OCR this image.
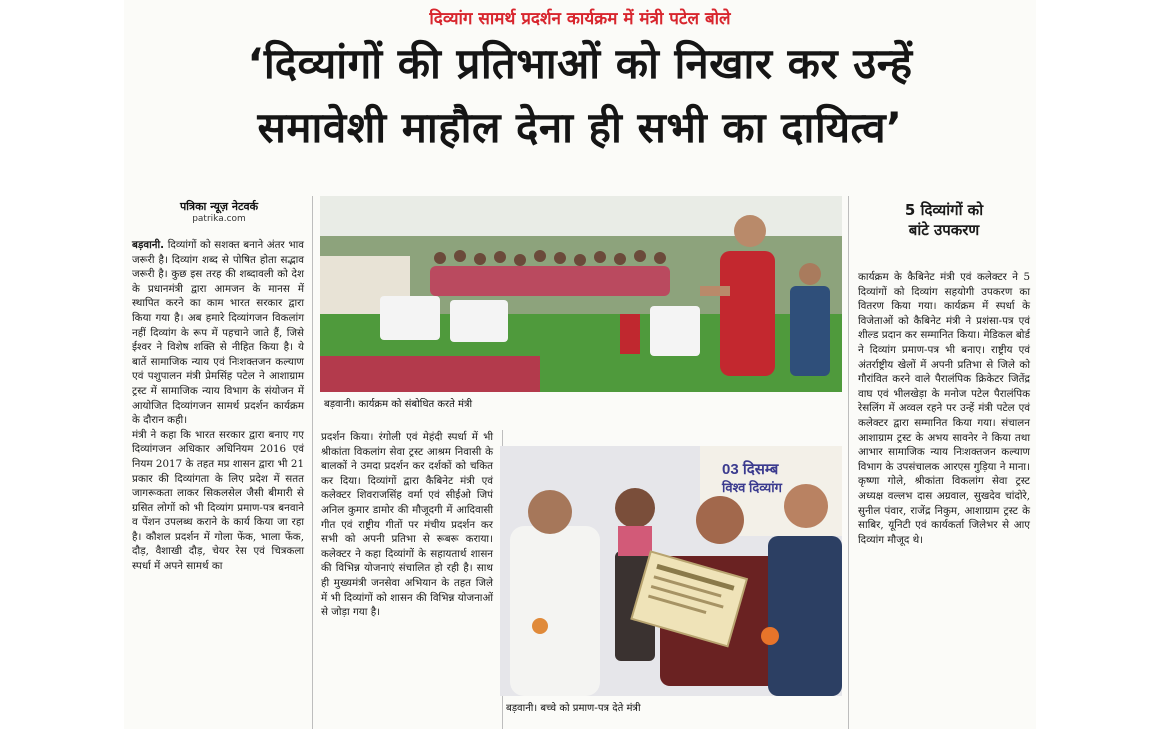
दिव्यांग सामर्थ प्रदर्शन कार्यक्रम में मंत्री पटेल बोले
‘दिव्यांगों की प्रतिभाओं को निखार कर उन्हें
समावेशी माहौल देना ही सभी का दायित्व’
पत्रिका न्यूज़ नेटवर्क
patrika.com

बड़वानी. दिव्यांगों को सशक्त बनाने अंतर भाव जरूरी है। दिव्यांग शब्द से पोषित होता सद्भाव जरूरी है। कुछ इस तरह की शब्दावली को देश के प्रधानमंत्री द्वारा आमजन के मानस में स्थापित करने का काम भारत सरकार द्वारा किया गया है। अब हमारे दिव्यांगजन विकलांग नहीं दिव्यांग के रूप में पहचाने जाते हैं, जिसे ईश्वर ने विशेष शक्ति से नीहित किया है। ये बातें सामाजिक न्याय एवं निःशक्तजन कल्याण एवं पशुपालन मंत्री प्रेमसिंह पटेल ने आशाग्राम ट्रस्ट में सामाजिक न्याय विभाग के संयोजन में आयोजित दिव्यांगजन सामर्थ प्रदर्शन कार्यक्रम के दौरान कही।

मंत्री ने कहा कि भारत सरकार द्वारा बनाए गए दिव्यांगजन अधिकार अधिनियम 2016 एवं नियम 2017 के तहत मप्र शासन द्वारा भी 21 प्रकार की दिव्यांगता के लिए प्रदेश में सतत जागरूकता लाकर सिकलसेल जैसी बीमारी से ग्रसित लोगों को भी दिव्यांग प्रमाण-पत्र बनवाने व पेंशन उपलब्ध कराने के कार्य किया जा रहा है। कौशल प्रदर्शन में गोला फेंक, भाला फेंक, दौड़, वैशाखी दौड़, चेयर रेस एवं चित्रकला स्पर्धा में अपने सामर्थ का

बड़वानी। कार्यक्रम को संबोधित करते मंत्री

प्रदर्शन किया। रंगोली एवं मेहंदी स्पर्धा में भी श्रीकांता विकलांग सेवा ट्रस्ट आश्रम निवासी के बालकों ने उमदा प्रदर्शन कर दर्शकों को चकित कर दिया। दिव्यांगों द्वारा कैबिनेट मंत्री एवं कलेक्टर शिवराजसिंह वर्मा एवं सीईओ जिपं अनिल कुमार डामोर की मौजूदगी में आदिवासी गीत एवं राष्ट्रीय गीतों पर मंचीय प्रदर्शन कर सभी को अपनी प्रतिभा से रूबरू कराया। कलेक्टर ने कहा दिव्यांगों के सहायतार्थ शासन की विभिन्न योजनाएं संचालित हो रही है। साथ ही मुख्यमंत्री जनसेवा अभियान के तहत जिले में भी दिव्यांगों को शासन की विभिन्न योजनाओं से जोड़ा गया है।

03 दिसम्ब
विश्व दिव्यांग
बड़वानी। बच्चे को प्रमाण-पत्र देते मंत्री
5 दिव्यांगों को
बांटे उपकरण

कार्यक्रम के कैबिनेट मंत्री एवं कलेक्टर ने 5 दिव्यांगों को दिव्यांग सहयोगी उपकरण का वितरण किया गया। कार्यक्रम में स्पर्धा के विजेताओं को कैबिनेट मंत्री ने प्रशंसा-पत्र एवं शील्ड प्रदान कर सम्मानित किया। मेडिकल बोर्ड ने दिव्यांग प्रमाण-पत्र भी बनाए। राष्ट्रीय एवं अंतर्राष्ट्रीय खेलों में अपनी प्रतिभा से जिले को गौरांवित करने वाले पैरालंपिक क्रिकेटर जितेंद्र वाघ एवं भीलखेड़ा के मनोज पटेल पैरालंपिक रेसलिंग में अव्वल रहने पर उन्हें मंत्री पटेल एवं कलेक्टर द्वारा सम्मानित किया गया। संचालन आशाग्राम ट्रस्ट के अभय सावनेर ने किया तथा आभार सामाजिक न्याय निःशक्तजन कल्याण विभाग के उपसंचालक आरएस गुड़िया ने माना। कृष्णा गोले, श्रीकांता विकलांग सेवा ट्रस्ट अध्यक्ष वल्लभ दास अग्रवाल, सुखदेव चांदोरे, सुनील पंवार, राजेंद्र निकुम, आशाग्राम ट्रस्ट के साबिर, यूनिटी एवं कार्यकर्ता जिलेभर से आए दिव्यांग मौजूद थे।
